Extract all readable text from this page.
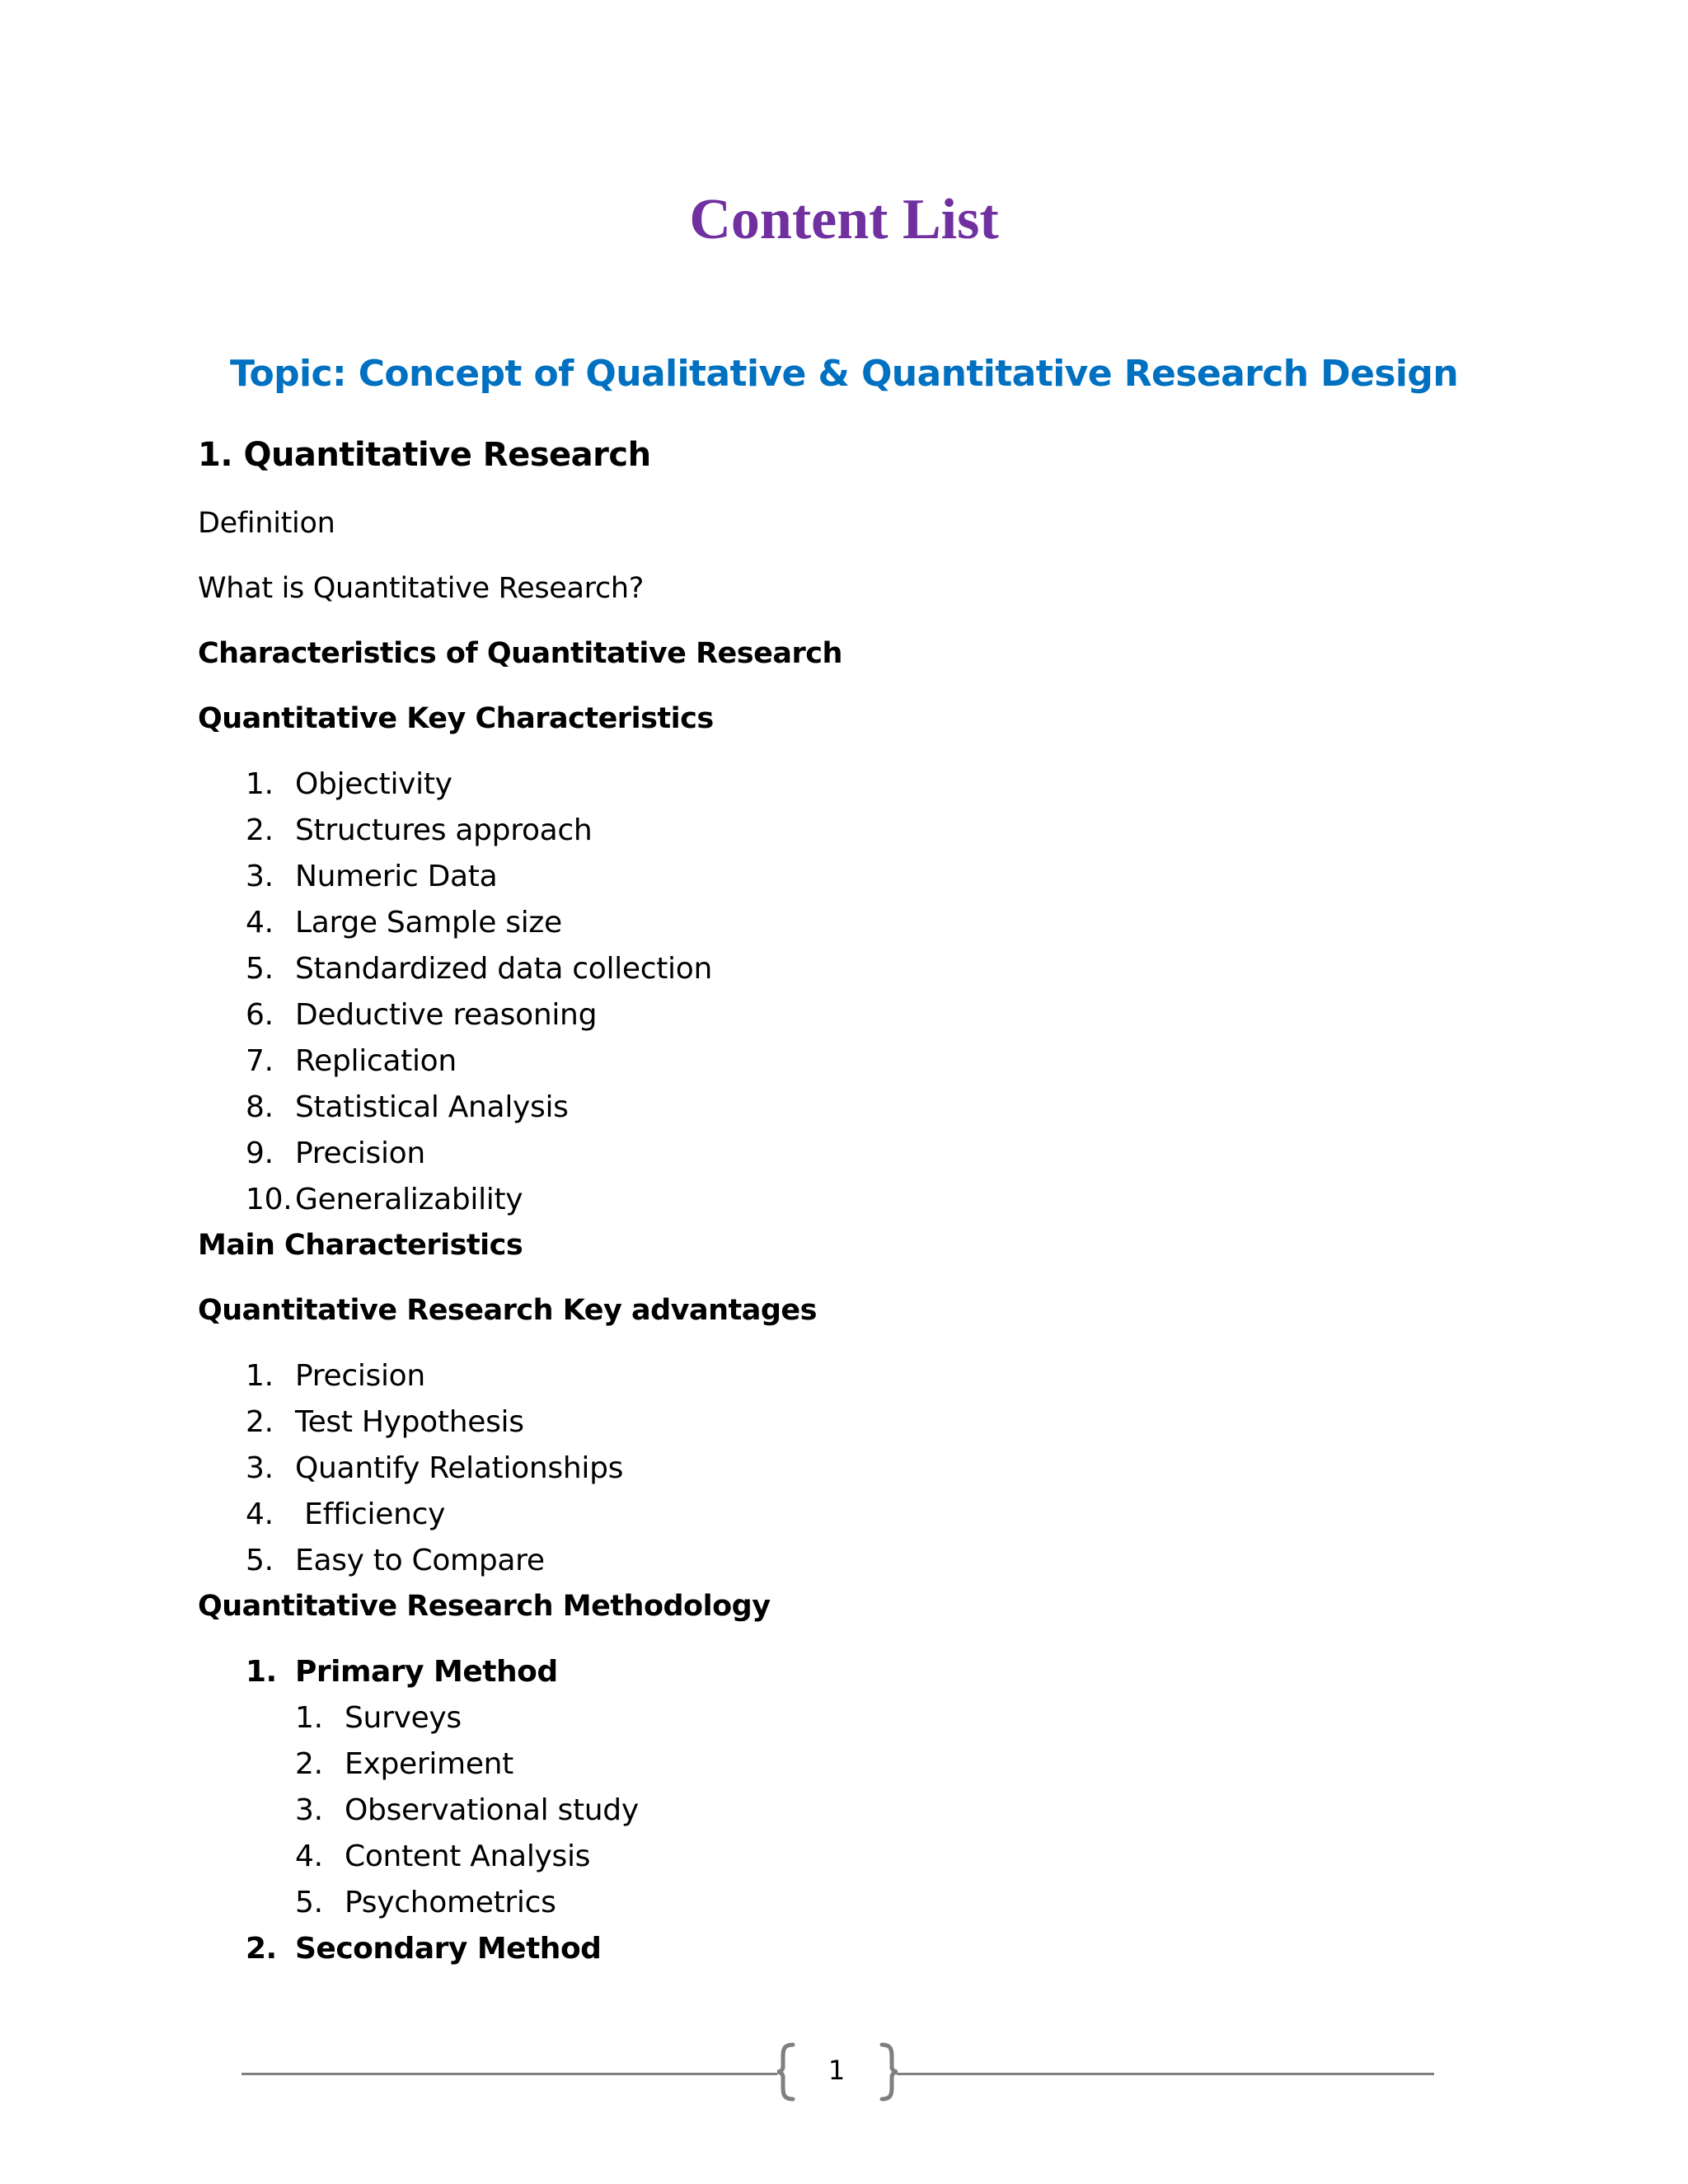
Content List
Topic: Concept of Qualitative & Quantitative Research Design
1. Quantitative Research
Definition
What is Quantitative Research?
Characteristics of Quantitative Research
Quantitative Key Characteristics
1. Objectivity
2. Structures approach
3. Numeric Data
4. Large Sample size
5. Standardized data collection
6. Deductive reasoning
7. Replication
8. Statistical Analysis
9. Precision
10. Generalizability
Main Characteristics
Quantitative Research Key advantages
1. Precision
2. Test Hypothesis
3. Quantify Relationships
4. Efficiency
5. Easy to Compare
Quantitative Research Methodology
1. Primary Method
1. Surveys
2. Experiment
3. Observational study
4. Content Analysis
5. Psychometrics
2. Secondary Method
1
